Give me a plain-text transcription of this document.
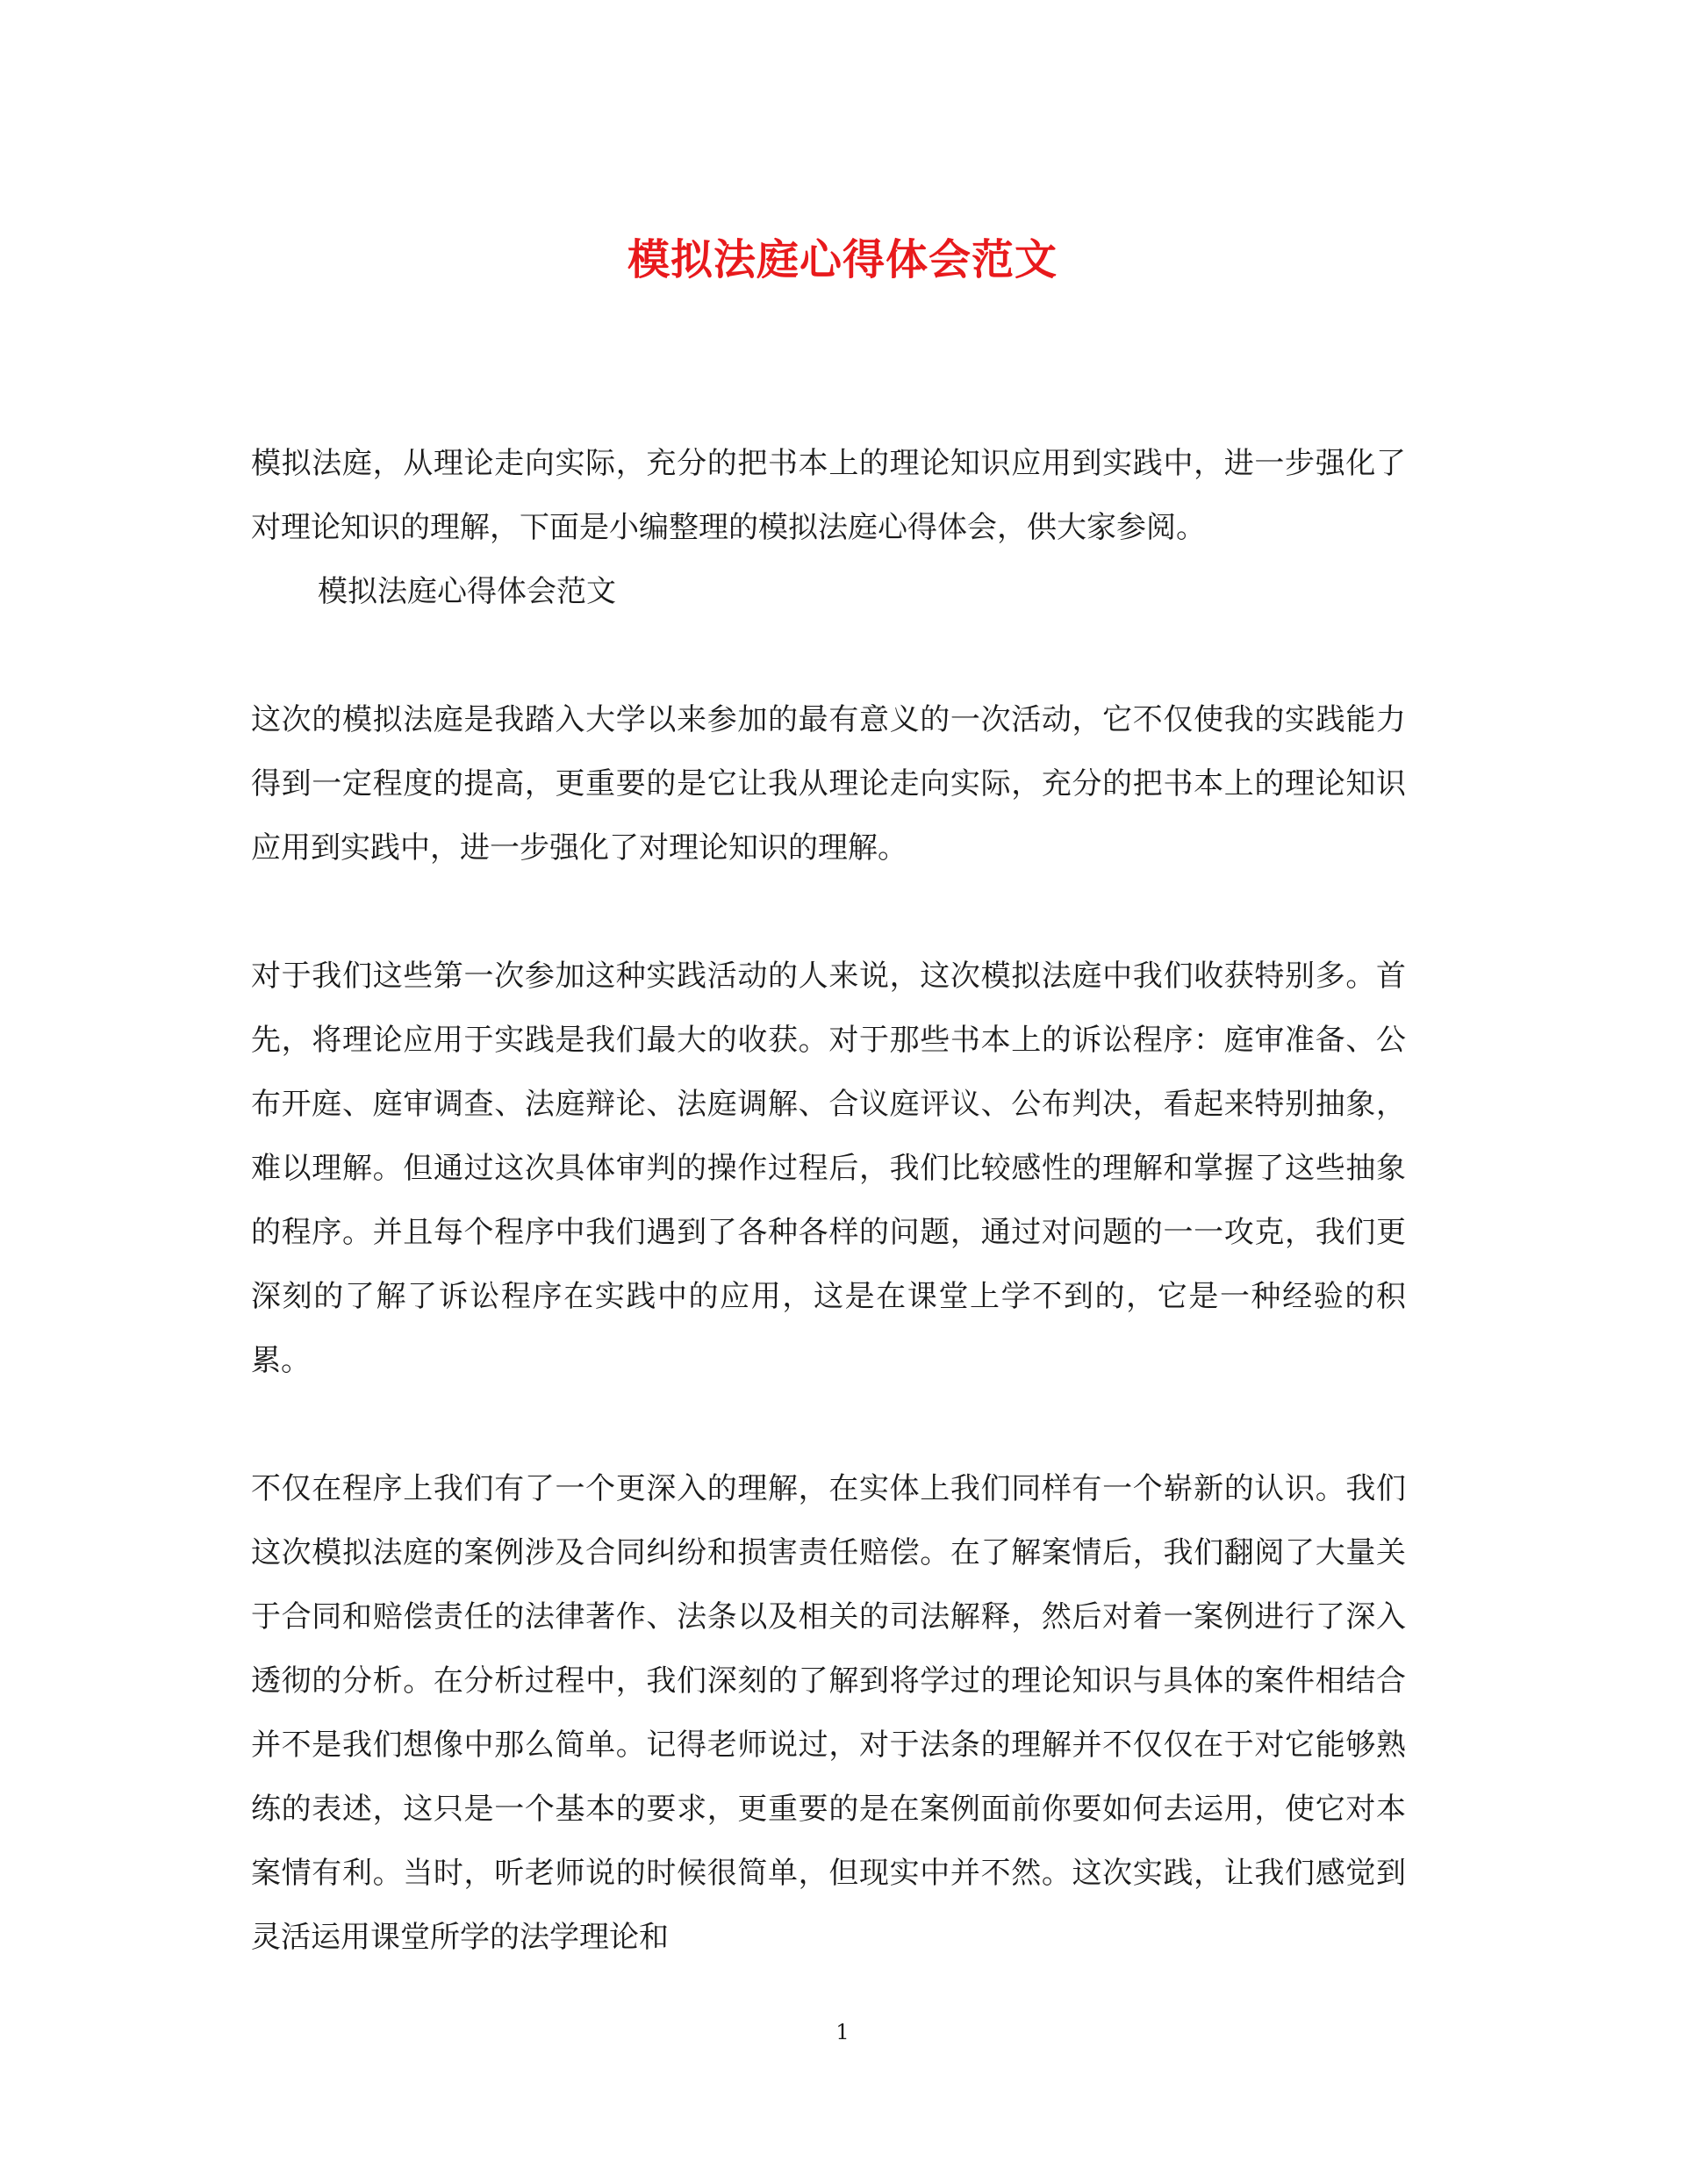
模拟法庭心得体会范文

模拟法庭，从理论走向实际，充分的把书本上的理论知识应用到实践中，进一步强化了对理论知识的理解，下面是小编整理的模拟法庭心得体会，供大家参阅。

模拟法庭心得体会范文

这次的模拟法庭是我踏入大学以来参加的最有意义的一次活动，它不仅使我的实践能力得到一定程度的提高，更重要的是它让我从理论走向实际，充分的把书本上的理论知识应用到实践中，进一步强化了对理论知识的理解。

对于我们这些第一次参加这种实践活动的人来说，这次模拟法庭中我们收获特别多。首先，将理论应用于实践是我们最大的收获。对于那些书本上的诉讼程序：庭审准备、公布开庭、庭审调查、法庭辩论、法庭调解、合议庭评议、公布判决，看起来特别抽象，难以理解。但通过这次具体审判的操作过程后，我们比较感性的理解和掌握了这些抽象的程序。并且每个程序中我们遇到了各种各样的问题，通过对问题的一一攻克，我们更深刻的了解了诉讼程序在实践中的应用，这是在课堂上学不到的，它是一种经验的积累。

不仅在程序上我们有了一个更深入的理解，在实体上我们同样有一个崭新的认识。我们这次模拟法庭的案例涉及合同纠纷和损害责任赔偿。在了解案情后，我们翻阅了大量关于合同和赔偿责任的法律著作、法条以及相关的司法解释，然后对着一案例进行了深入透彻的分析。在分析过程中，我们深刻的了解到将学过的理论知识与具体的案件相结合并不是我们想像中那么简单。记得老师说过，对于法条的理解并不仅仅在于对它能够熟练的表述，这只是一个基本的要求，更重要的是在案例面前你要如何去运用，使它对本案情有利。当时，听老师说的时候很简单，但现实中并不然。这次实践，让我们感觉到灵活运用课堂所学的法学理论和

1
